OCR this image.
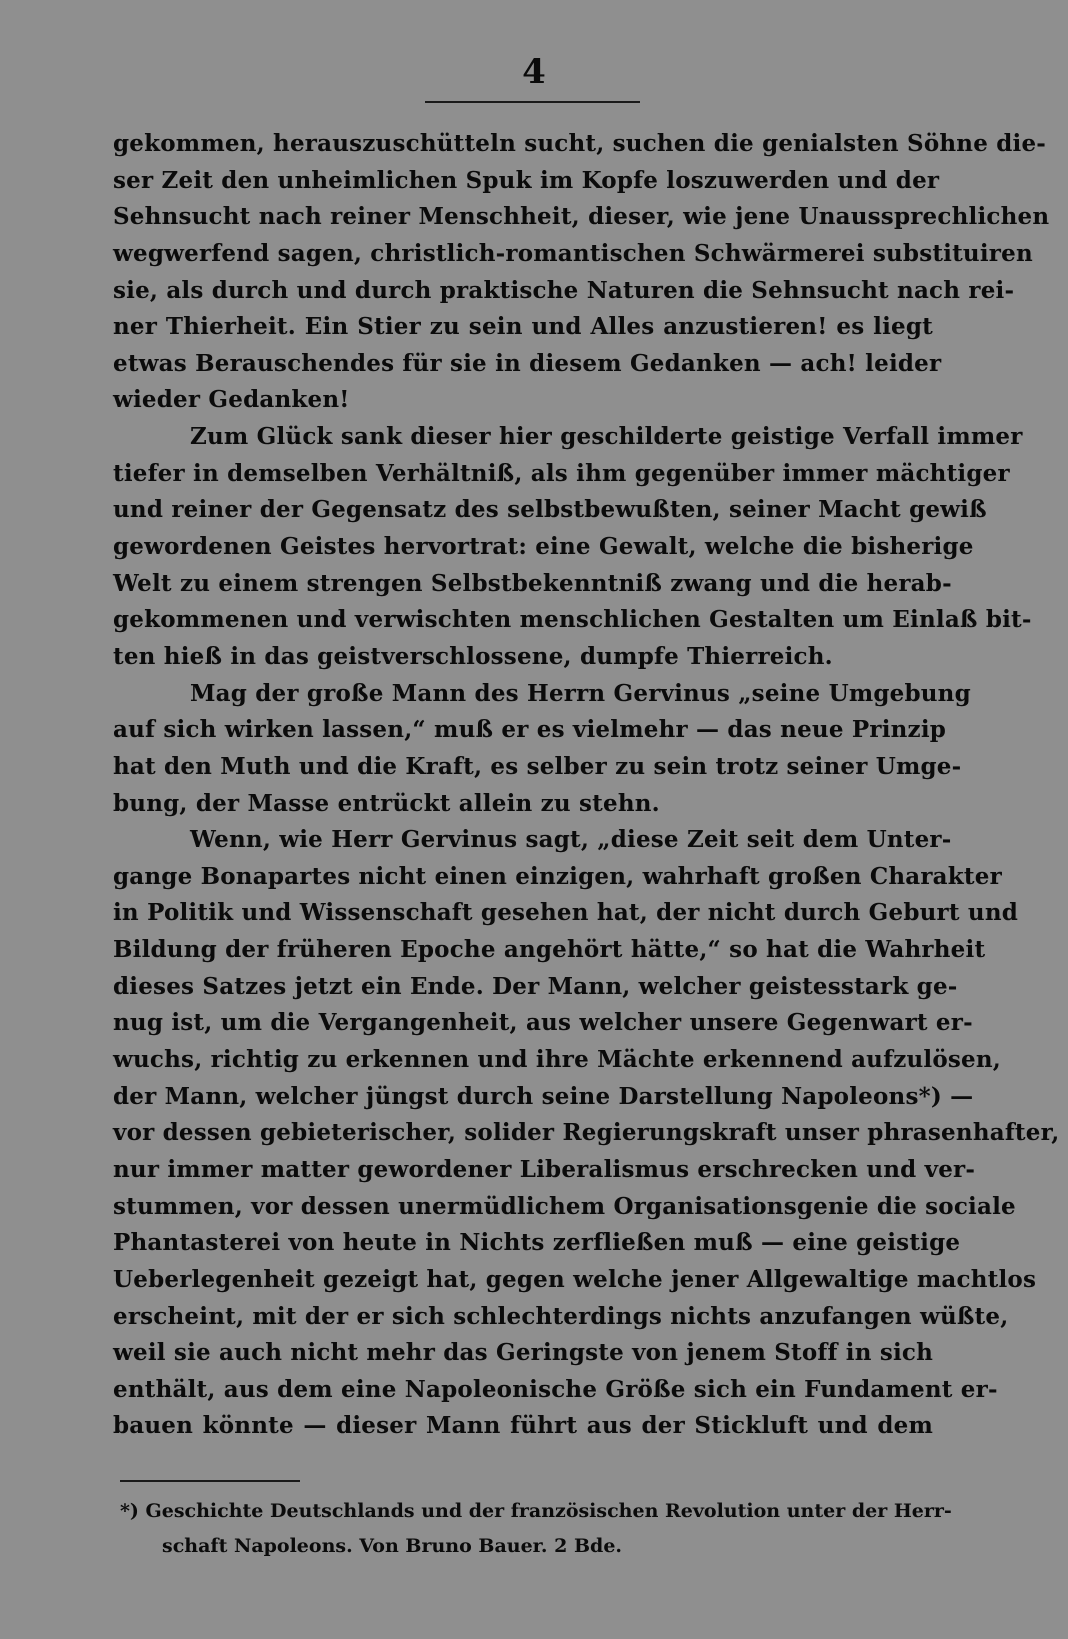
4
gekommen, herauszuschütteln sucht, suchen die genialsten Söhne die-
ser Zeit den unheimlichen Spuk im Kopfe loszuwerden und der
Sehnsucht nach reiner Menschheit, dieser, wie jene Unaussprechlichen
wegwerfend sagen, christlich-romantischen Schwärmerei substituiren
sie, als durch und durch praktische Naturen die Sehnsucht nach rei-
ner Thierheit. Ein Stier zu sein und Alles anzustieren! es liegt
etwas Berauschendes für sie in diesem Gedanken — ach! leider
wieder Gedanken!
Zum Glück sank dieser hier geschilderte geistige Verfall immer
tiefer in demselben Verhältniß, als ihm gegenüber immer mächtiger
und reiner der Gegensatz des selbstbewußten, seiner Macht gewiß
gewordenen Geistes hervortrat: eine Gewalt, welche die bisherige
Welt zu einem strengen Selbstbekenntniß zwang und die herab-
gekommenen und verwischten menschlichen Gestalten um Einlaß bit-
ten hieß in das geistverschlossene, dumpfe Thierreich.
Mag der große Mann des Herrn Gervinus „seine Umgebung
auf sich wirken lassen,“ muß er es vielmehr — das neue Prinzip
hat den Muth und die Kraft, es selber zu sein trotz seiner Umge-
bung, der Masse entrückt allein zu stehn.
Wenn, wie Herr Gervinus sagt, „diese Zeit seit dem Unter-
gange Bonapartes nicht einen einzigen, wahrhaft großen Charakter
in Politik und Wissenschaft gesehen hat, der nicht durch Geburt und
Bildung der früheren Epoche angehört hätte,“ so hat die Wahrheit
dieses Satzes jetzt ein Ende. Der Mann, welcher geistesstark ge-
nug ist, um die Vergangenheit, aus welcher unsere Gegenwart er-
wuchs, richtig zu erkennen und ihre Mächte erkennend aufzulösen,
der Mann, welcher jüngst durch seine Darstellung Napoleons*) —
vor dessen gebieterischer, solider Regierungskraft unser phrasenhafter,
nur immer matter gewordener Liberalismus erschrecken und ver-
stummen, vor dessen unermüdlichem Organisationsgenie die sociale
Phantasterei von heute in Nichts zerfließen muß — eine geistige
Ueberlegenheit gezeigt hat, gegen welche jener Allgewaltige machtlos
erscheint, mit der er sich schlechterdings nichts anzufangen wüßte,
weil sie auch nicht mehr das Geringste von jenem Stoff in sich
enthält, aus dem eine Napoleonische Größe sich ein Fundament er-
bauen könnte — dieser Mann führt aus der Stickluft und dem
*) Geschichte Deutschlands und der französischen Revolution unter der Herr-
schaft Napoleons. Von Bruno Bauer. 2 Bde.
